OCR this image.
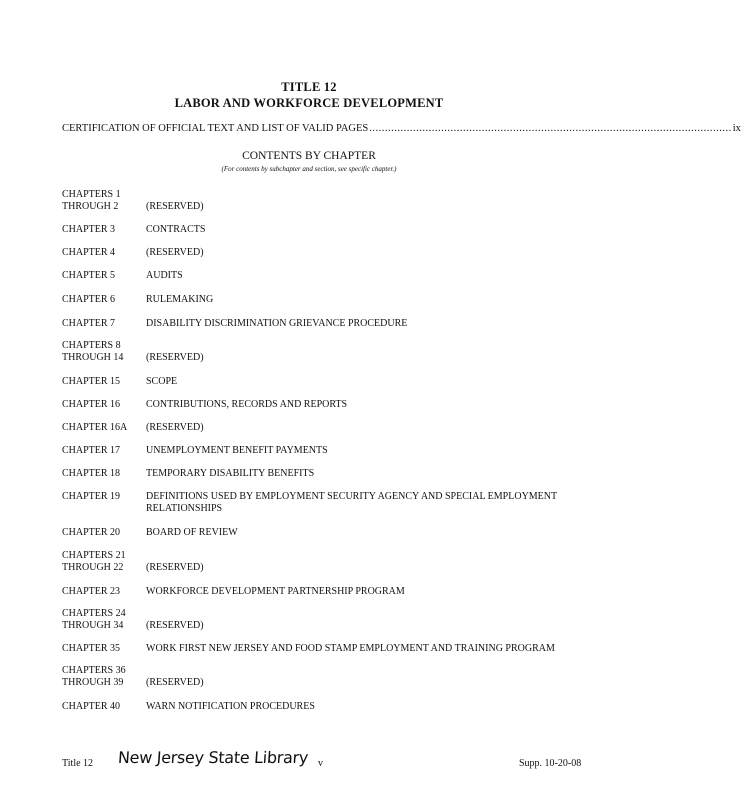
TITLE 12
LABOR AND WORKFORCE DEVELOPMENT
CERTIFICATION OF OFFICIAL TEXT AND LIST OF VALID PAGES .................................................................................................................... ix
CONTENTS BY CHAPTER
(For contents by subchapter and section, see specific chapter.)
CHAPTERS 1
THROUGH 2	(RESERVED)
CHAPTER 3	CONTRACTS
CHAPTER 4	(RESERVED)
CHAPTER 5	AUDITS
CHAPTER 6	RULEMAKING
CHAPTER 7	DISABILITY DISCRIMINATION GRIEVANCE PROCEDURE
CHAPTERS 8
THROUGH 14	(RESERVED)
CHAPTER 15	SCOPE
CHAPTER 16	CONTRIBUTIONS, RECORDS AND REPORTS
CHAPTER 16A	(RESERVED)
CHAPTER 17	UNEMPLOYMENT BENEFIT PAYMENTS
CHAPTER 18	TEMPORARY DISABILITY BENEFITS
CHAPTER 19	DEFINITIONS USED BY EMPLOYMENT SECURITY AGENCY AND SPECIAL EMPLOYMENT
RELATIONSHIPS
CHAPTER 20	BOARD OF REVIEW
CHAPTERS 21
THROUGH 22	(RESERVED)
CHAPTER 23	WORKFORCE DEVELOPMENT PARTNERSHIP PROGRAM
CHAPTERS 24
THROUGH 34	(RESERVED)
CHAPTER 35	WORK FIRST NEW JERSEY AND FOOD STAMP EMPLOYMENT AND TRAINING PROGRAM
CHAPTERS 36
THROUGH 39	(RESERVED)
CHAPTER 40	WARN NOTIFICATION PROCEDURES
Title 12 New Jersey State Library v	Supp. 10-20-08
